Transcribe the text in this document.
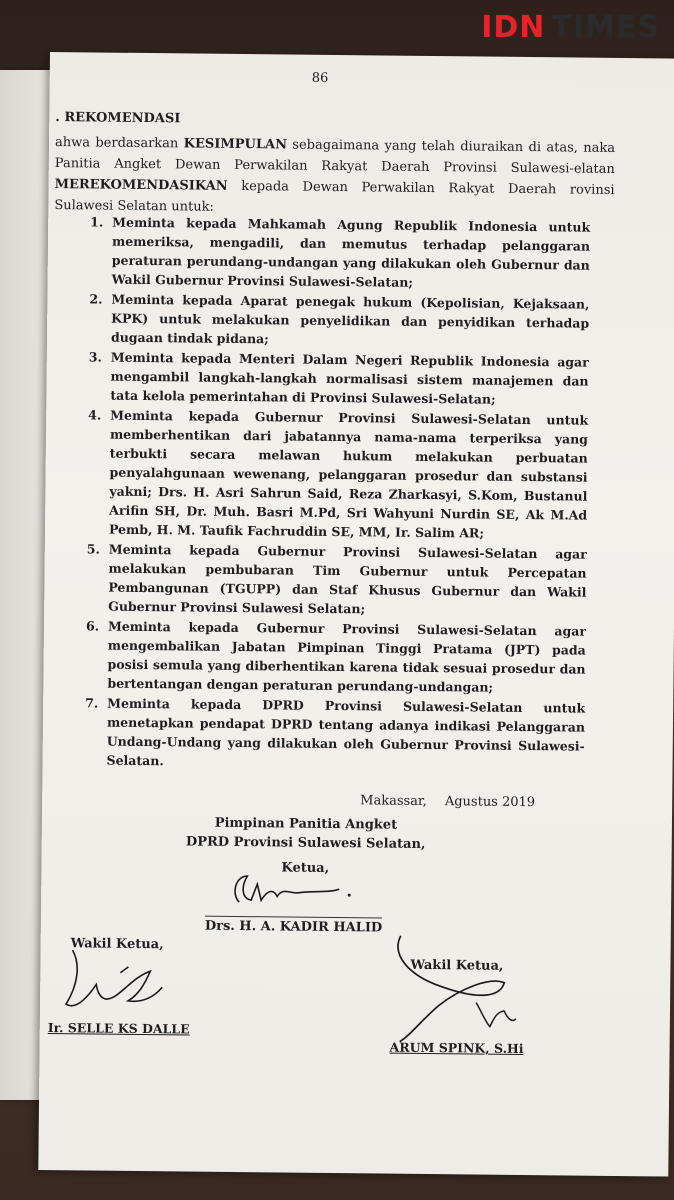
IDN TIMES
86
. REKOMENDASI
ahwa berdasarkan KESIMPULAN sebagaimana yang telah diuraikan di atas, naka Panitia Angket Dewan Perwakilan Rakyat Daerah Provinsi Sulawesi-elatan MEREKOMENDASIKAN kepada Dewan Perwakilan Rakyat Daerah rovinsi Sulawesi Selatan untuk:
1. Meminta kepada Mahkamah Agung Republik Indonesia untuk memeriksa, mengadili, dan memutus terhadap pelanggaran peraturan perundang-undangan yang dilakukan oleh Gubernur dan Wakil Gubernur Provinsi Sulawesi-Selatan;
2. Meminta kepada Aparat penegak hukum (Kepolisian, Kejaksaan, KPK) untuk melakukan penyelidikan dan penyidikan terhadap dugaan tindak pidana;
3. Meminta kepada Menteri Dalam Negeri Republik Indonesia agar mengambil langkah-langkah normalisasi sistem manajemen dan tata kelola pemerintahan di Provinsi Sulawesi-Selatan;
4. Meminta kepada Gubernur Provinsi Sulawesi-Selatan untuk memberhentikan dari jabatannya nama-nama terperiksa yang terbukti secara melawan hukum melakukan perbuatan penyalahgunaan wewenang, pelanggaran prosedur dan substansi yakni; Drs. H. Asri Sahrun Said, Reza Zharkasyi, S.Kom, Bustanul Arifin SH, Dr. Muh. Basri M.Pd, Sri Wahyuni Nurdin SE, Ak M.Ad Pemb, H. M. Taufik Fachruddin SE, MM, Ir. Salim AR;
5. Meminta kepada Gubernur Provinsi Sulawesi-Selatan agar melakukan pembubaran Tim Gubernur untuk Percepatan Pembangunan (TGUPP) dan Staf Khusus Gubernur dan Wakil Gubernur Provinsi Sulawesi Selatan;
6. Meminta kepada Gubernur Provinsi Sulawesi-Selatan agar mengembalikan Jabatan Pimpinan Tinggi Pratama (JPT) pada posisi semula yang diberhentikan karena tidak sesuai prosedur dan bertentangan dengan peraturan perundang-undangan;
7. Meminta kepada DPRD Provinsi Sulawesi-Selatan untuk menetapkan pendapat DPRD tentang adanya indikasi Pelanggaran Undang-Undang yang dilakukan oleh Gubernur Provinsi Sulawesi-Selatan.
Makassar, Agustus 2019
Pimpinan Panitia Angket
DPRD Provinsi Sulawesi Selatan,
Ketua,
Drs. H. A. KADIR HALID
Wakil Ketua,
Ir. SELLE KS DALLE
Wakil Ketua,
ARUM SPINK, S.Hi
